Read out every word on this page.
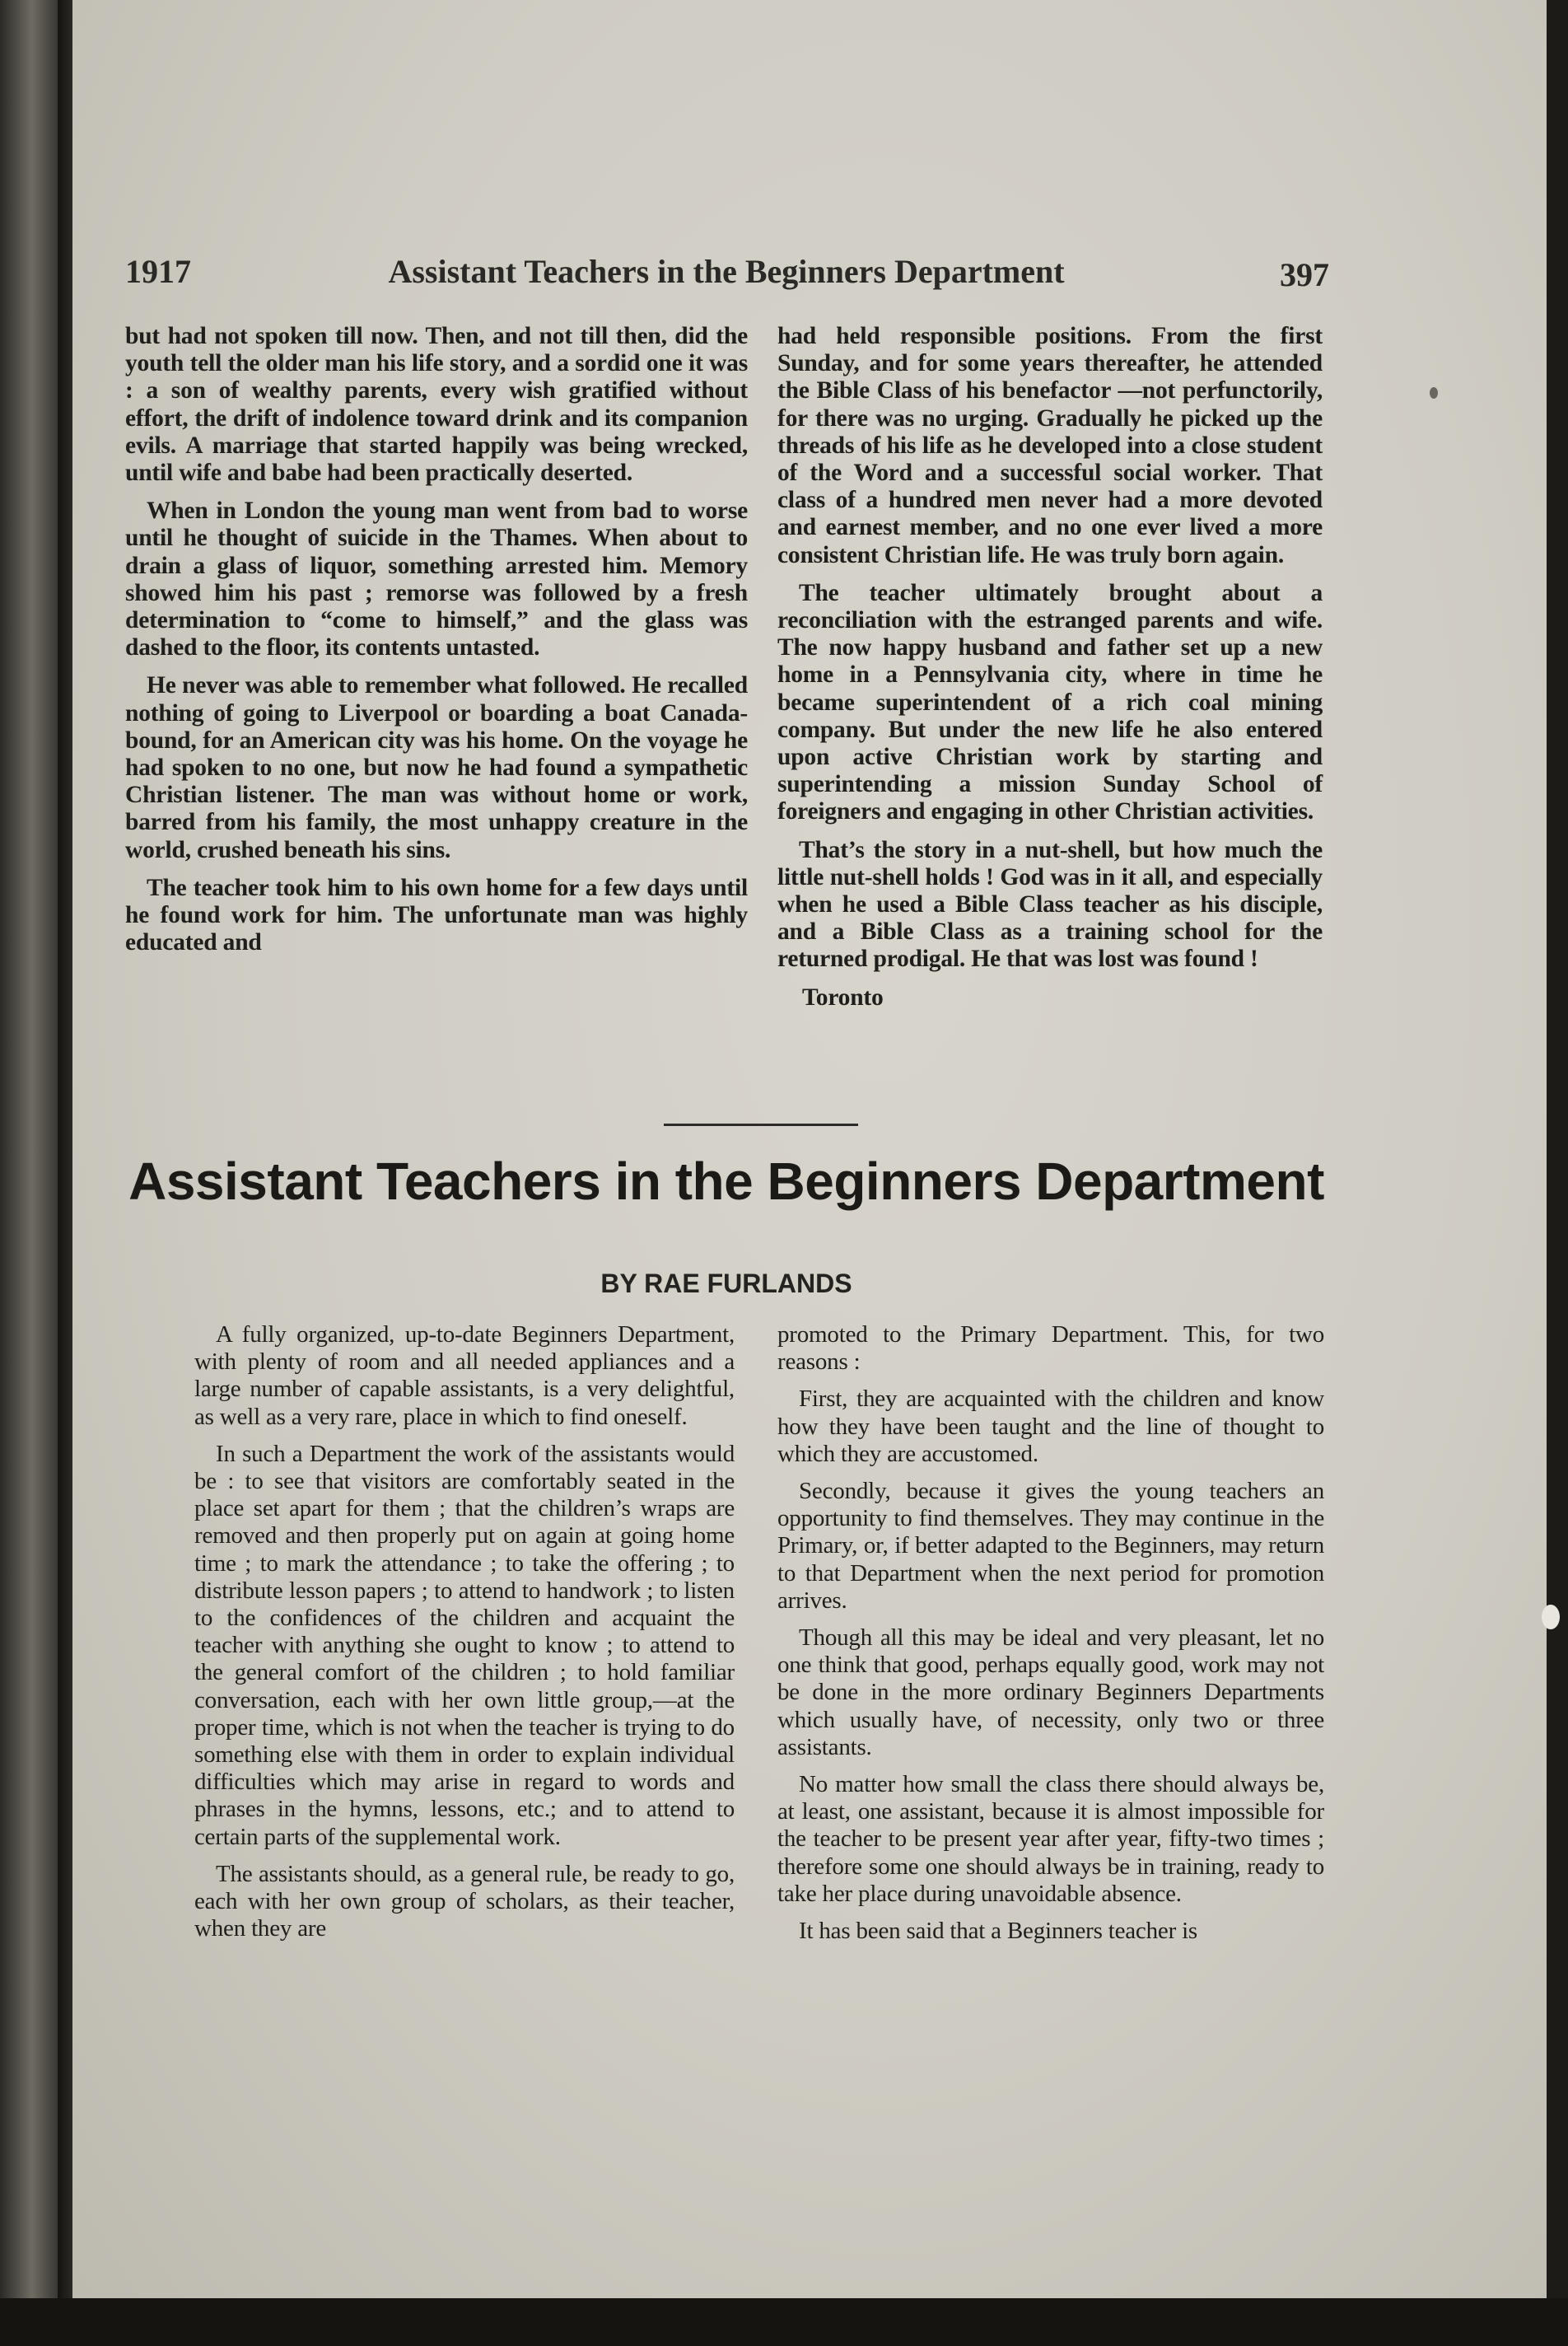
1917	Assistant Teachers in the Beginners Department	397

but had not spoken till now. Then, and not till then, did the youth tell the older man his life story, and a sordid one it was : a son of wealthy parents, every wish gratified without effort, the drift of indolence toward drink and its companion evils. A marriage that started happily was being wrecked, until wife and babe had been practically deserted.

When in London the young man went from bad to worse until he thought of suicide in the Thames. When about to drain a glass of liquor, something arrested him. Memory showed him his past ; remorse was followed by a fresh determination to “come to himself,” and the glass was dashed to the floor, its contents untasted.

He never was able to remember what followed. He recalled nothing of going to Liverpool or boarding a boat Canada-bound, for an American city was his home. On the voyage he had spoken to no one, but now he had found a sympathetic Christian listener. The man was without home or work, barred from his family, the most unhappy creature in the world, crushed beneath his sins.

The teacher took him to his own home for a few days until he found work for him. The unfortunate man was highly educated and

had held responsible positions. From the first Sunday, and for some years thereafter, he attended the Bible Class of his benefactor —not perfunctorily, for there was no urging. Gradually he picked up the threads of his life as he developed into a close student of the Word and a successful social worker. That class of a hundred men never had a more devoted and earnest member, and no one ever lived a more consistent Christian life. He was truly born again.

The teacher ultimately brought about a reconciliation with the estranged parents and wife. The now happy husband and father set up a new home in a Pennsylvania city, where in time he became superintendent of a rich coal mining company. But under the new life he also entered upon active Christian work by starting and superintending a mission Sunday School of foreigners and engaging in other Christian activities.

That’s the story in a nut-shell, but how much the little nut-shell holds ! God was in it all, and especially when he used a Bible Class teacher as his disciple, and a Bible Class as a training school for the returned prodigal. He that was lost was found !

Toronto

Assistant Teachers in the Beginners Department
BY RAE FURLANDS

A fully organized, up-to-date Beginners Department, with plenty of room and all needed appliances and a large number of capable assistants, is a very delightful, as well as a very rare, place in which to find oneself.

In such a Department the work of the assistants would be : to see that visitors are comfortably seated in the place set apart for them ; that the children’s wraps are removed and then properly put on again at going home time ; to mark the attendance ; to take the offering ; to distribute lesson papers ; to attend to handwork ; to listen to the confidences of the children and acquaint the teacher with anything she ought to know ; to attend to the general comfort of the children ; to hold familiar conversation, each with her own little group,—at the proper time, which is not when the teacher is trying to do something else with them in order to explain individual difficulties which may arise in regard to words and phrases in the hymns, lessons, etc.; and to attend to certain parts of the supplemental work.

The assistants should, as a general rule, be ready to go, each with her own group of scholars, as their teacher, when they are

promoted to the Primary Department. This, for two reasons :

First, they are acquainted with the children and know how they have been taught and the line of thought to which they are accustomed.

Secondly, because it gives the young teachers an opportunity to find themselves. They may continue in the Primary, or, if better adapted to the Beginners, may return to that Department when the next period for promotion arrives.

Though all this may be ideal and very pleasant, let no one think that good, perhaps equally good, work may not be done in the more ordinary Beginners Departments which usually have, of necessity, only two or three assistants.

No matter how small the class there should always be, at least, one assistant, because it is almost impossible for the teacher to be present year after year, fifty-two times ; therefore some one should always be in training, ready to take her place during unavoidable absence.

It has been said that a Beginners teacher is
